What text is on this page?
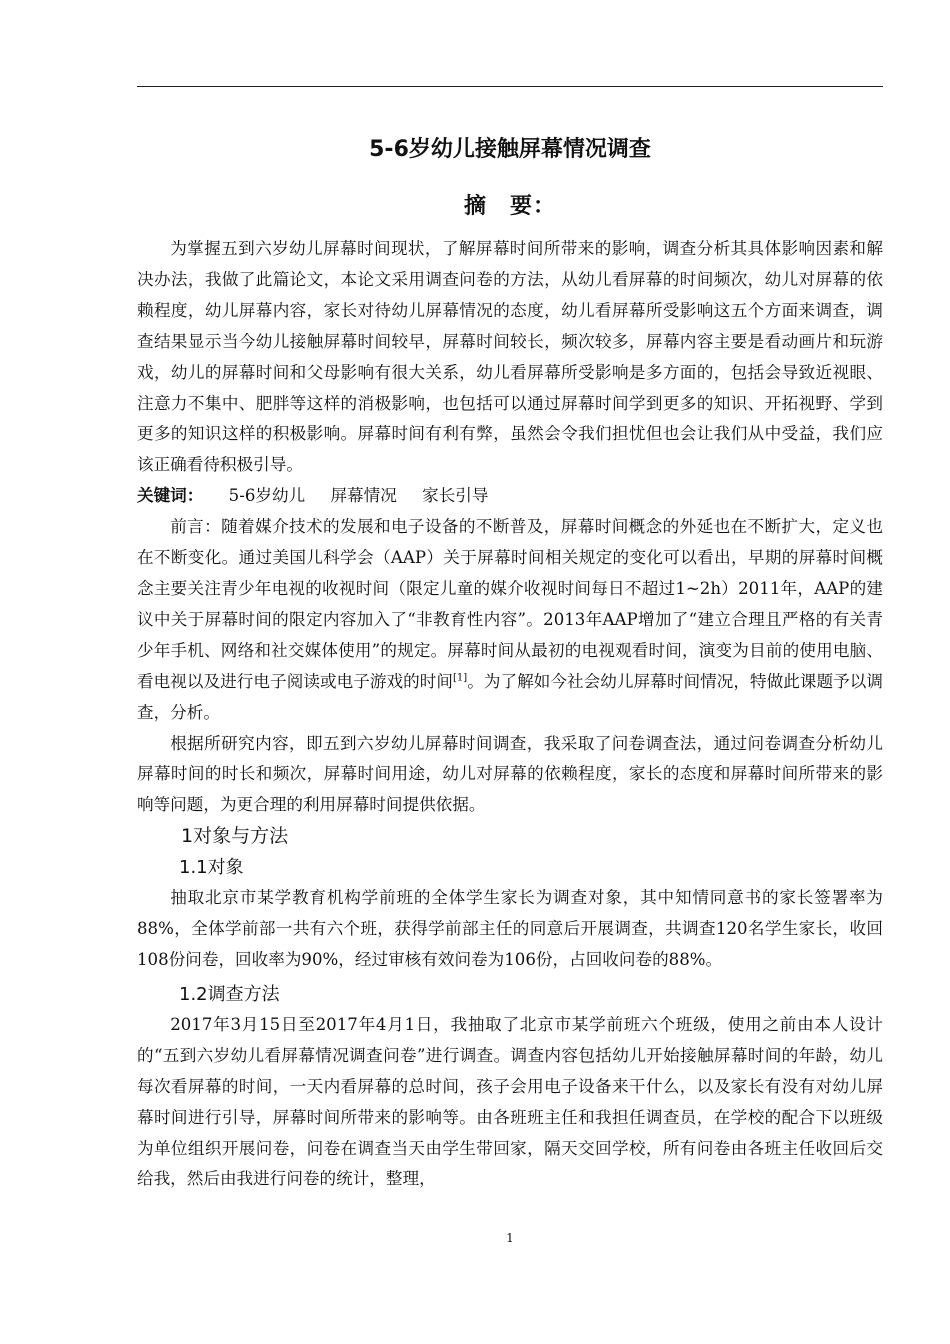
5-6岁幼儿接触屏幕情况调查
摘　要：

为掌握五到六岁幼儿屏幕时间现状，了解屏幕时间所带来的影响，调查分析其具体影响因素和解决办法，我做了此篇论文，本论文采用调查问卷的方法，从幼儿看屏幕的时间频次，幼儿对屏幕的依赖程度，幼儿屏幕内容，家长对待幼儿屏幕情况的态度，幼儿看屏幕所受影响这五个方面来调查，调查结果显示当今幼儿接触屏幕时间较早，屏幕时间较长，频次较多，屏幕内容主要是看动画片和玩游戏，幼儿的屏幕时间和父母影响有很大关系，幼儿看屏幕所受影响是多方面的，包括会导致近视眼、注意力不集中、肥胖等这样的消极影响，也包括可以通过屏幕时间学到更多的知识、开拓视野、学到更多的知识这样的积极影响。屏幕时间有利有弊，虽然会令我们担忧但也会让我们从中受益，我们应该正确看待积极引导。

关键词： 5-6岁幼儿 屏幕情况 家长引导

前言：随着媒介技术的发展和电子设备的不断普及，屏幕时间概念的外延也在不断扩大，定义也在不断变化。通过美国儿科学会（AAP）关于屏幕时间相关规定的变化可以看出，早期的屏幕时间概念主要关注青少年电视的收视时间（限定儿童的媒介收视时间每日不超过1~2h）2011年，AAP的建议中关于屏幕时间的限定内容加入了“非教育性内容”。2013年AAP增加了“建立合理且严格的有关青少年手机、网络和社交媒体使用”的规定。屏幕时间从最初的电视观看时间，演变为目前的使用电脑、看电视以及进行电子阅读或电子游戏的时间[1]。为了解如今社会幼儿屏幕时间情况，特做此课题予以调查，分析。

根据所研究内容，即五到六岁幼儿屏幕时间调查，我采取了问卷调查法，通过问卷调查分析幼儿屏幕时间的时长和频次，屏幕时间用途，幼儿对屏幕的依赖程度，家长的态度和屏幕时间所带来的影响等问题，为更合理的利用屏幕时间提供依据。

1对象与方法
1.1对象

抽取北京市某学教育机构学前班的全体学生家长为调查对象，其中知情同意书的家长签署率为88%，全体学前部一共有六个班，获得学前部主任的同意后开展调查，共调查120名学生家长，收回108份问卷，回收率为90%，经过审核有效问卷为106份，占回收问卷的88%。

1.2调查方法

2017年3月15日至2017年4月1日，我抽取了北京市某学前班六个班级，使用之前由本人设计的“五到六岁幼儿看屏幕情况调查问卷”进行调查。调查内容包括幼儿开始接触屏幕时间的年龄，幼儿每次看屏幕的时间，一天内看屏幕的总时间，孩子会用电子设备来干什么，以及家长有没有对幼儿屏幕时间进行引导，屏幕时间所带来的影响等。由各班班主任和我担任调查员，在学校的配合下以班级为单位组织开展问卷，问卷在调查当天由学生带回家，隔天交回学校，所有问卷由各班主任收回后交给我，然后由我进行问卷的统计，整理，

1
